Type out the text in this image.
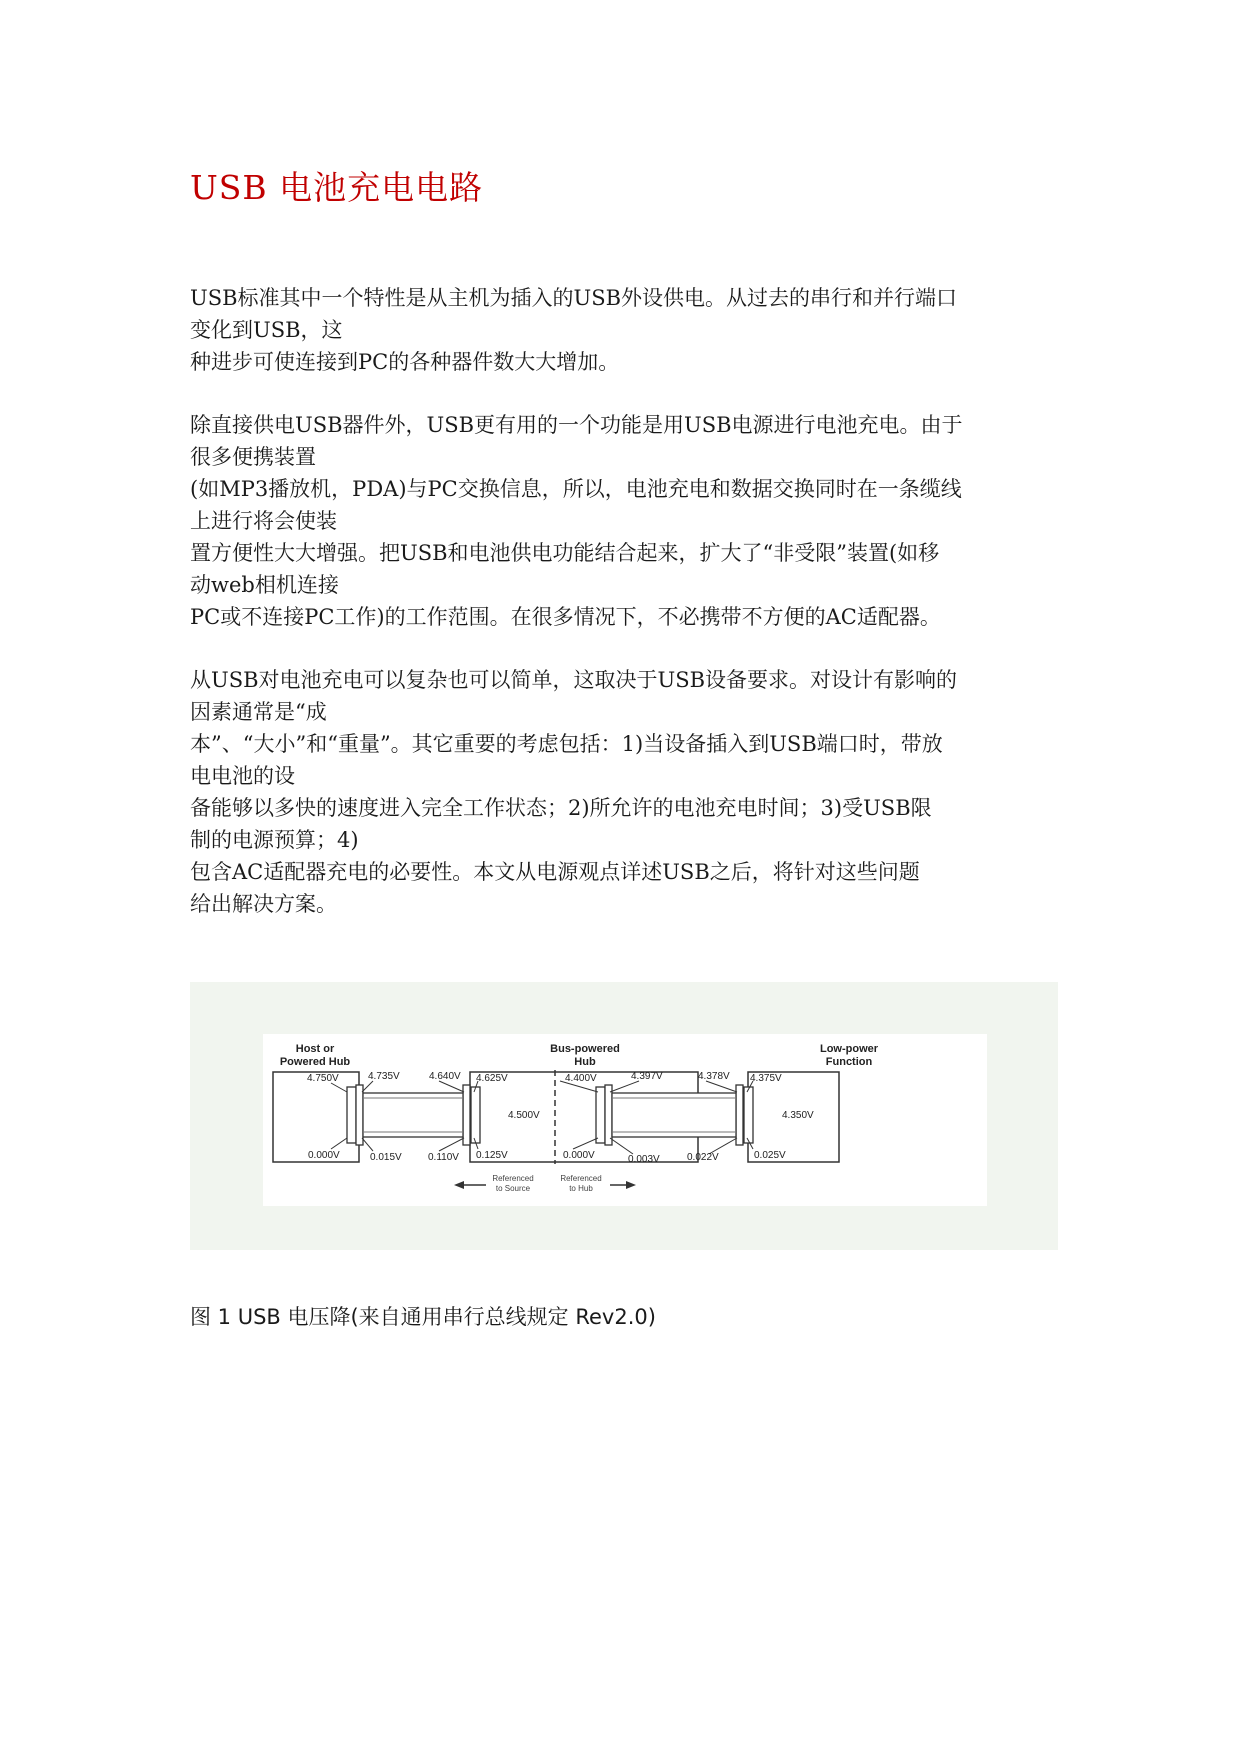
USB 电池充电电路
USB标准其中一个特性是从主机为插入的USB外设供电。从过去的串行和并行端口
变化到USB，这
种进步可使连接到PC的各种器件数大大增加。
除直接供电USB器件外，USB更有用的一个功能是用USB电源进行电池充电。由于
很多便携装置
(如MP3播放机，PDA)与PC交换信息，所以，电池充电和数据交换同时在一条缆线
上进行将会使装
置方便性大大增强。把USB和电池供电功能结合起来，扩大了“非受限”装置(如移
动web相机连接
PC或不连接PC工作)的工作范围。在很多情况下，不必携带不方便的AC适配器。
从USB对电池充电可以复杂也可以简单，这取决于USB设备要求。对设计有影响的
因素通常是“成
本”、“大小”和“重量”。其它重要的考虑包括：1)当设备插入到USB端口时，带放
电电池的设
备能够以多快的速度进入完全工作状态；2)所允许的电池充电时间；3)受USB限
制的电源预算；4)
包含AC适配器充电的必要性。本文从电源观点详述USB之后，将针对这些问题
给出解决方案。
Host or
Powered Hub
Bus-powered
Hub
Low-power
Function
4.750V	4.735V	4.640V 4.625V	4.400V	4.397V	4.378V 4.375V
4.500V	4.350V
0.000V	0.015V	0.110V 0.125V	0.000V	0.003V	0.022V	0.025V
Referenced
to Source
Referenced
to Hub
图 1 USB 电压降(来自通用串行总线规定 Rev2.0)
